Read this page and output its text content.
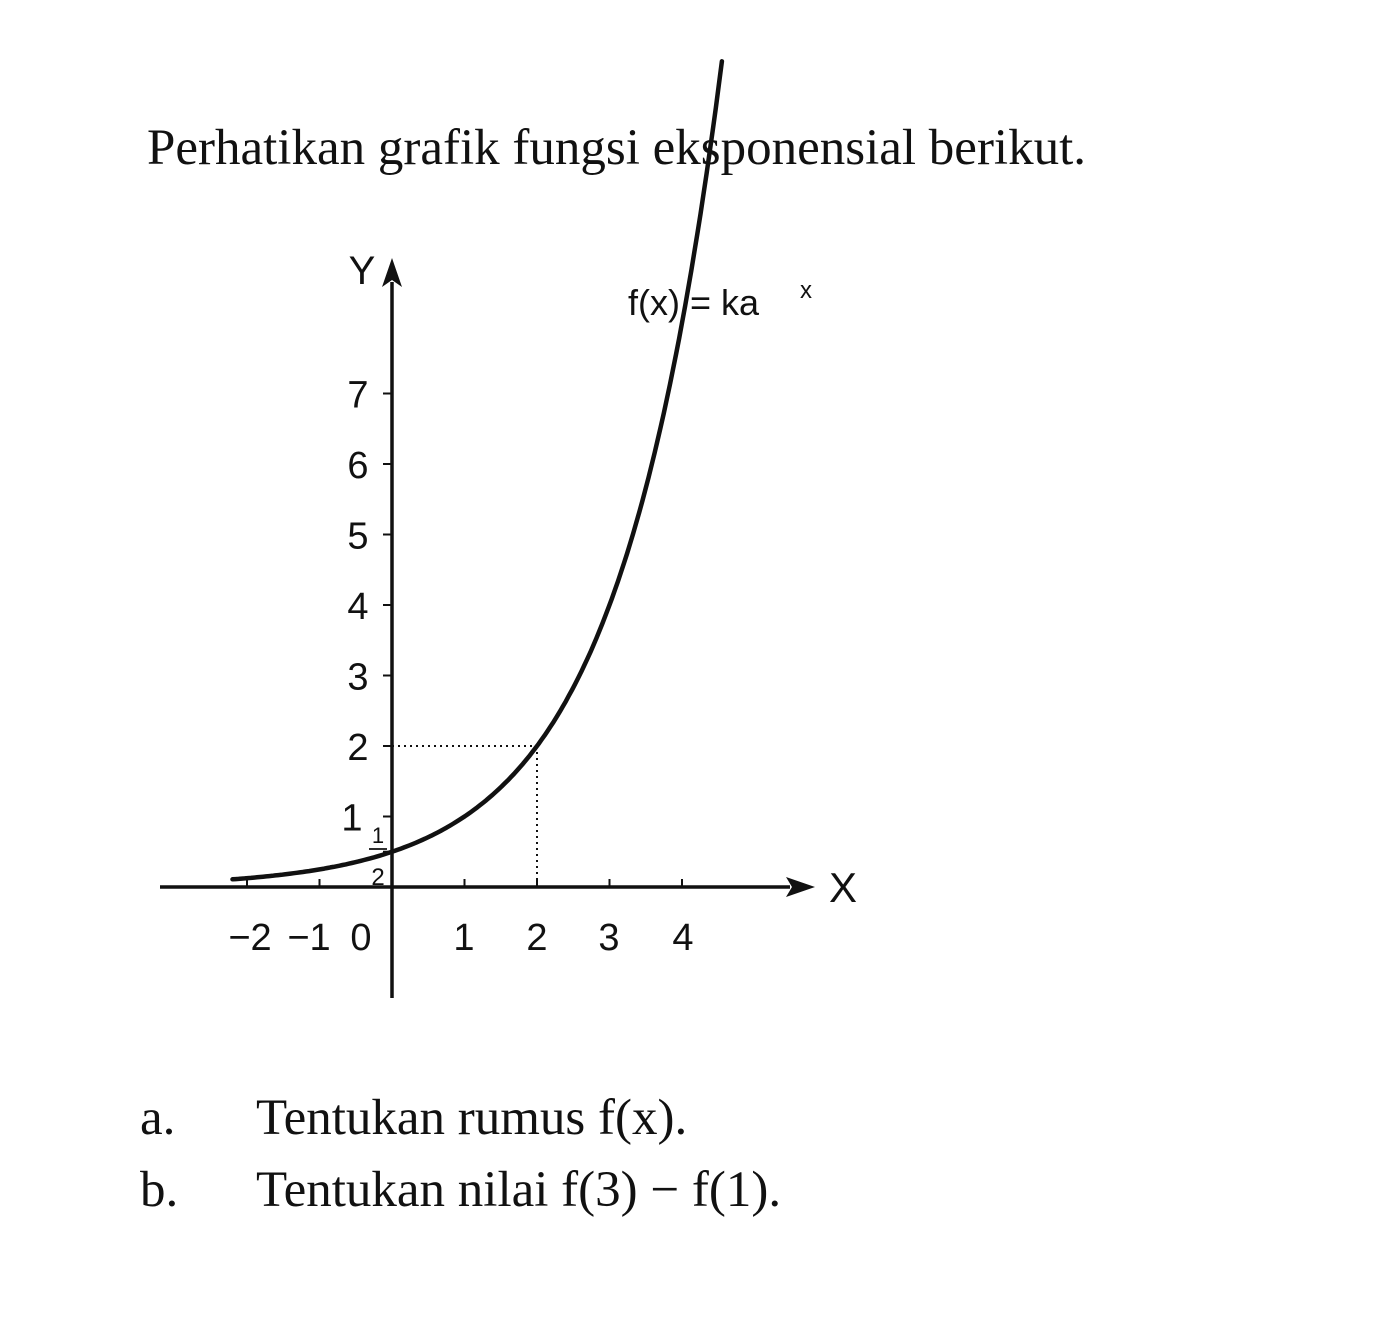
Perhatikan grafik fungsi eksponensial berikut.
X
Y
−2 −1 0 1 2 3 4
1
2
3
4
5
6
7
1
2
f(x) = ka x
a. Tentukan rumus f(x).
b. Tentukan nilai f(3) − f(1).
